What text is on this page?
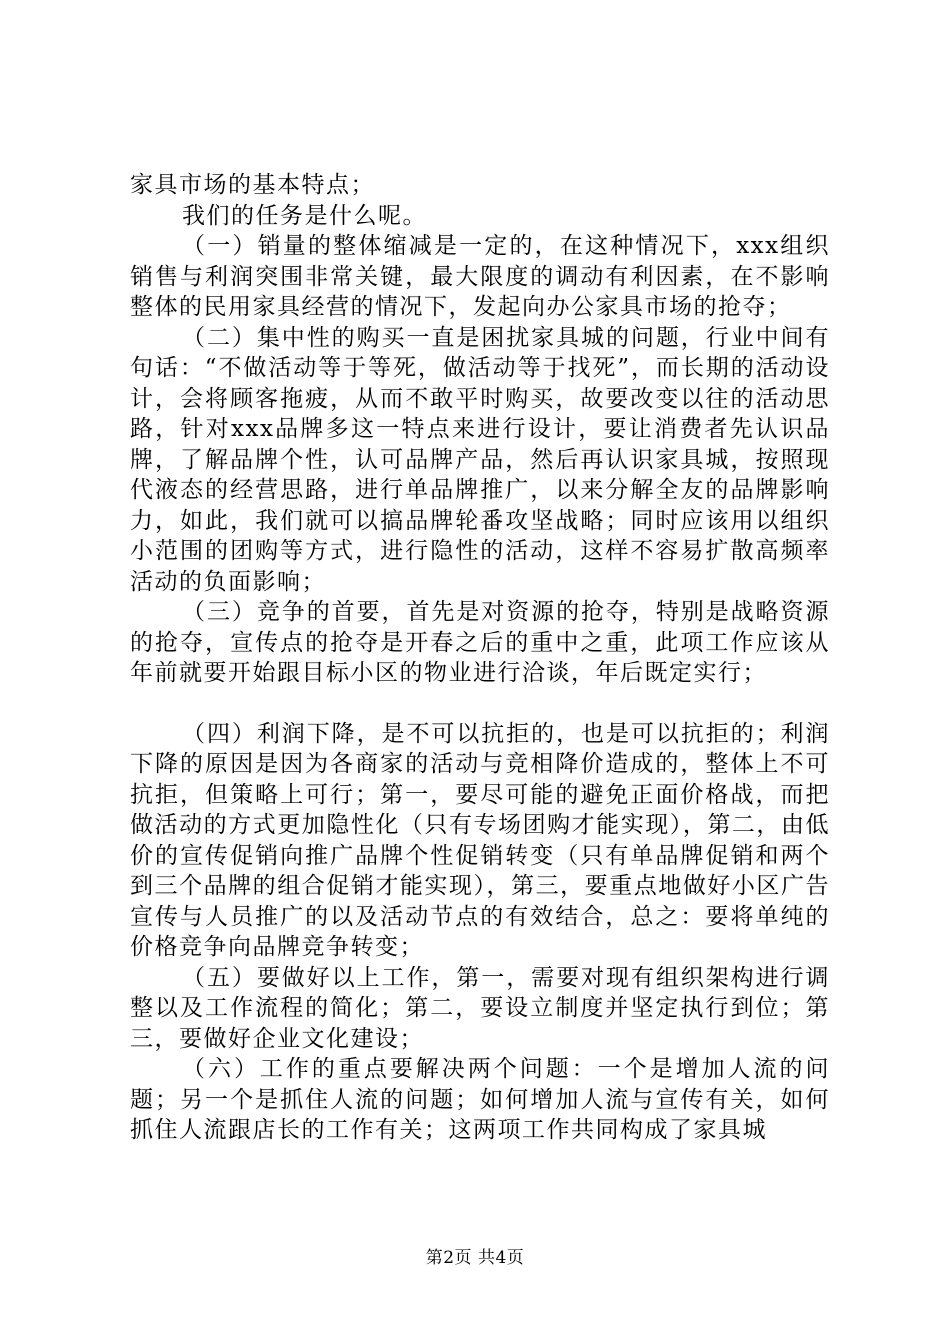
家具市场的基本特点；

我们的任务是什么呢。

（一）销量的整体缩减是一定的，在这种情况下，xxx组织销售与利润突围非常关键，最大限度的调动有利因素，在不影响整体的民用家具经营的情况下，发起向办公家具市场的抢夺；

（二）集中性的购买一直是困扰家具城的问题，行业中间有句话：“不做活动等于等死，做活动等于找死”，而长期的活动设计，会将顾客拖疲，从而不敢平时购买，故要改变以往的活动思路，针对xxx品牌多这一特点来进行设计，要让消费者先认识品牌，了解品牌个性，认可品牌产品，然后再认识家具城，按照现代液态的经营思路，进行单品牌推广，以来分解全友的品牌影响力，如此，我们就可以搞品牌轮番攻坚战略；同时应该用以组织小范围的团购等方式，进行隐性的活动，这样不容易扩散高频率活动的负面影响；

（三）竞争的首要，首先是对资源的抢夺，特别是战略资源的抢夺，宣传点的抢夺是开春之后的重中之重，此项工作应该从年前就要开始跟目标小区的物业进行洽谈，年后既定实行；

（四）利润下降，是不可以抗拒的，也是可以抗拒的；利润下降的原因是因为各商家的活动与竞相降价造成的，整体上不可抗拒，但策略上可行；第一，要尽可能的避免正面价格战，而把做活动的方式更加隐性化（只有专场团购才能实现），第二，由低价的宣传促销向推广品牌个性促销转变（只有单品牌促销和两个到三个品牌的组合促销才能实现），第三，要重点地做好小区广告宣传与人员推广的以及活动节点的有效结合，总之：要将单纯的价格竞争向品牌竞争转变；

（五）要做好以上工作，第一，需要对现有组织架构进行调整以及工作流程的简化；第二，要设立制度并坚定执行到位；第三，要做好企业文化建设；

（六）工作的重点要解决两个问题：一个是增加人流的问题；另一个是抓住人流的问题；如何增加人流与宣传有关，如何抓住人流跟店长的工作有关；这两项工作共同构成了家具城

第2页 共4页
